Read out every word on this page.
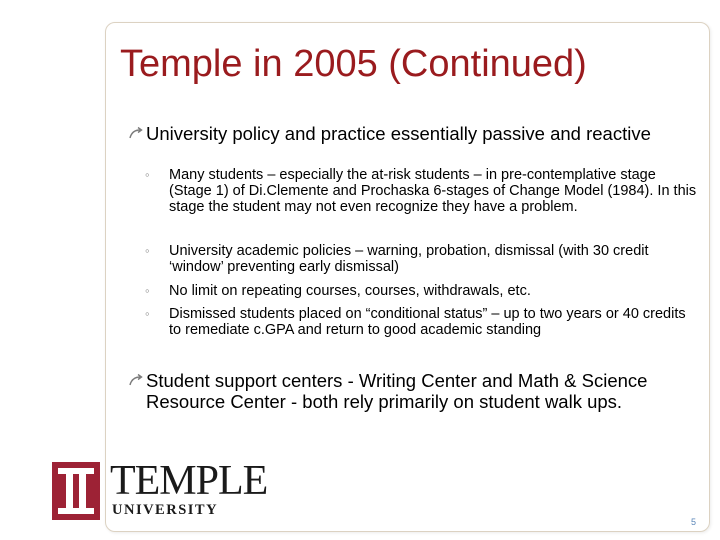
Temple in 2005 (Continued)
University policy and practice essentially passive and reactive
◦	Many students – especially the at-risk students – in pre-contemplative stage (Stage 1) of Di.Clemente and Prochaska 6-stages of Change Model (1984). In this stage the student may not even recognize they have a problem.
◦	University academic policies – warning, probation, dismissal (with 30 credit ‘window’ preventing early dismissal)
◦	No limit on repeating courses, courses, withdrawals, etc.
◦	Dismissed students placed on “conditional status” – up to two years or 40 credits to remediate c.GPA and return to good academic standing
Student support centers - Writing Center and Math & Science Resource Center - both rely primarily on student walk ups.
TEMPLE
UNIVERSITY
5
